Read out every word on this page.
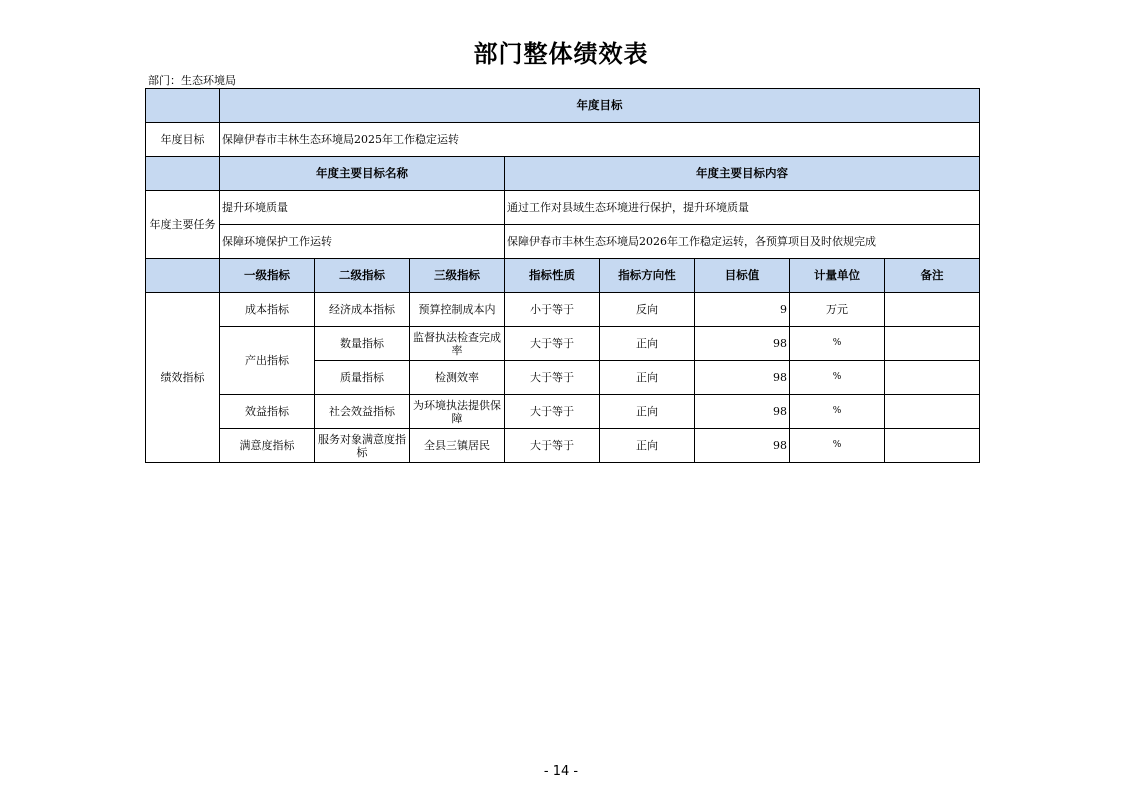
部门整体绩效表
部门：生态环境局
	年度目标							
年度目标	保障伊春市丰林生态环境局2025年工作稳定运转							
	年度主要目标名称			年度主要目标内容				
年度主要任务	提升环境质量			通过工作对县域生态环境进行保护，提升环境质量				
	保障环境保护工作运转			保障伊春市丰林生态环境局2026年工作稳定运转，各预算项目及时依规完成				
	一级指标	二级指标	三级指标	指标性质	指标方向性	目标值	计量单位	备注
绩效指标	成本指标	经济成本指标	预算控制成本内	小于等于	反向	9	万元	
	产出指标	数量指标	监督执法检查完成率	大于等于	正向	98	%	
		质量指标	检测效率	大于等于	正向	98	%	
	效益指标	社会效益指标	为环境执法提供保障	大于等于	正向	98	%	
	满意度指标	服务对象满意度指标	全县三镇居民	大于等于	正向	98	%	
- 14 -
